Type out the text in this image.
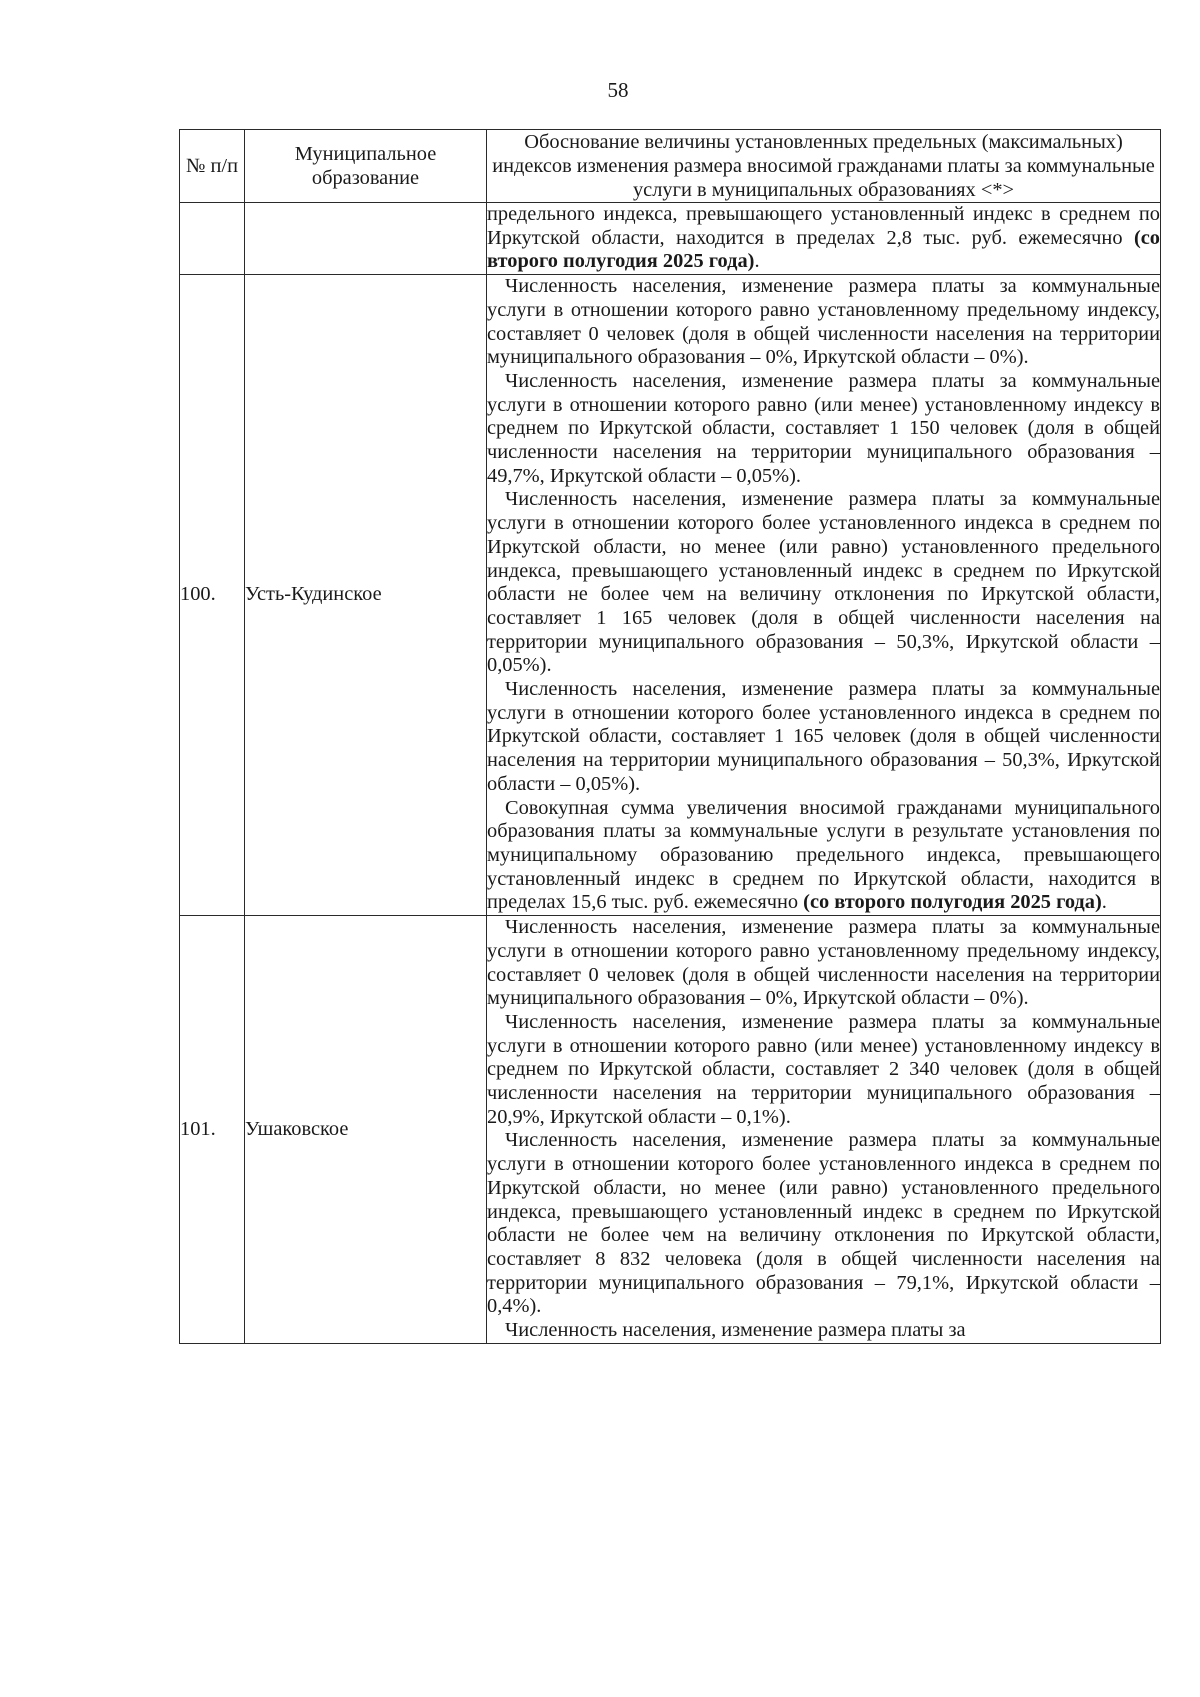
58
№ п/п	Муниципальное образование	Обоснование величины установленных предельных (максимальных) индексов изменения размера вносимой гражданами платы за коммунальные услуги в муниципальных образованиях <*>

		предельного индекса, превышающего установленный индекс в среднем по Иркутской области, находится в пределах 2,8 тыс. руб. ежемесячно (со второго полугодия 2025 года).

100.	Усть-Кудинское	Численность населения, изменение размера платы за коммунальные услуги в отношении которого равно установленному предельному индексу, составляет 0 человек (доля в общей численности населения на территории муниципального образования – 0%, Иркутской области – 0%).

Численность населения, изменение размера платы за коммунальные услуги в отношении которого равно (или менее) установленному индексу в среднем по Иркутской области, составляет 1 150 человек (доля в общей численности населения на территории муниципального образования – 49,7%, Иркутской области – 0,05%).

Численность населения, изменение размера платы за коммунальные услуги в отношении которого более установленного индекса в среднем по Иркутской области, но менее (или равно) установленного предельного индекса, превышающего установленный индекс в среднем по Иркутской области не более чем на величину отклонения по Иркутской области, составляет 1 165 человек (доля в общей численности населения на территории муниципального образования – 50,3%, Иркутской области – 0,05%).

Численность населения, изменение размера платы за коммунальные услуги в отношении которого более установленного индекса в среднем по Иркутской области, составляет 1 165 человек (доля в общей численности населения на территории муниципального образования – 50,3%, Иркутской области – 0,05%).

Совокупная сумма увеличения вносимой гражданами муниципального образования платы за коммунальные услуги в результате установления по муниципальному образованию предельного индекса, превышающего установленный индекс в среднем по Иркутской области, находится в пределах 15,6 тыс. руб. ежемесячно (со второго полугодия 2025 года).

101.	Ушаковское	Численность населения, изменение размера платы за коммунальные услуги в отношении которого равно установленному предельному индексу, составляет 0 человек (доля в общей численности населения на территории муниципального образования – 0%, Иркутской области – 0%).

Численность населения, изменение размера платы за коммунальные услуги в отношении которого равно (или менее) установленному индексу в среднем по Иркутской области, составляет 2 340 человек (доля в общей численности населения на территории муниципального образования – 20,9%, Иркутской области – 0,1%).

Численность населения, изменение размера платы за коммунальные услуги в отношении которого более установленного индекса в среднем по Иркутской области, но менее (или равно) установленного предельного индекса, превышающего установленный индекс в среднем по Иркутской области не более чем на величину отклонения по Иркутской области, составляет 8 832 человека (доля в общей численности населения на территории муниципального образования – 79,1%, Иркутской области – 0,4%).

Численность населения, изменение размера платы за
